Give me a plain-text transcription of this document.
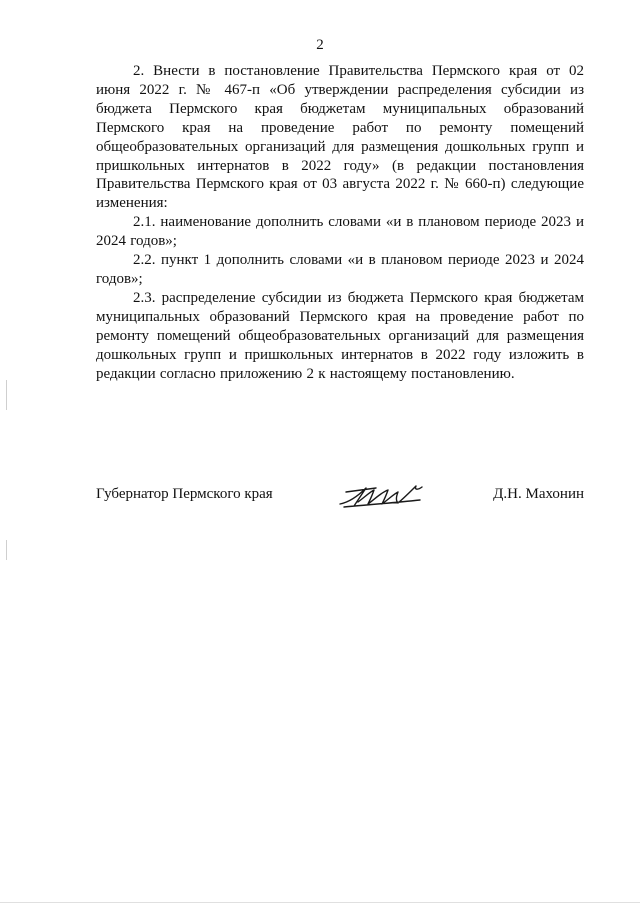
2

2. Внести в постановление Правительства Пермского края от 02 июня 2022 г. № 467-п «Об утверждении распределения субсидии из бюджета Пермского края бюджетам муниципальных образований Пермского края на проведение работ по ремонту помещений общеобразовательных организаций для размещения дошкольных групп и пришкольных интернатов в 2022 году» (в редакции постановления Правительства Пермского края от 03 августа 2022 г. № 660-п) следующие изменения:

2.1. наименование дополнить словами «и в плановом периоде 2023 и 2024 годов»;

2.2. пункт 1 дополнить словами «и в плановом периоде 2023 и 2024 годов»;

2.3. распределение субсидии из бюджета Пермского края бюджетам муниципальных образований Пермского края на проведение работ по ремонту помещений общеобразовательных организаций для размещения дошкольных групп и пришкольных интернатов в 2022 году изложить в редакции согласно приложению 2 к настоящему постановлению.

Губернатор Пермского края	Д.Н. Махонин
